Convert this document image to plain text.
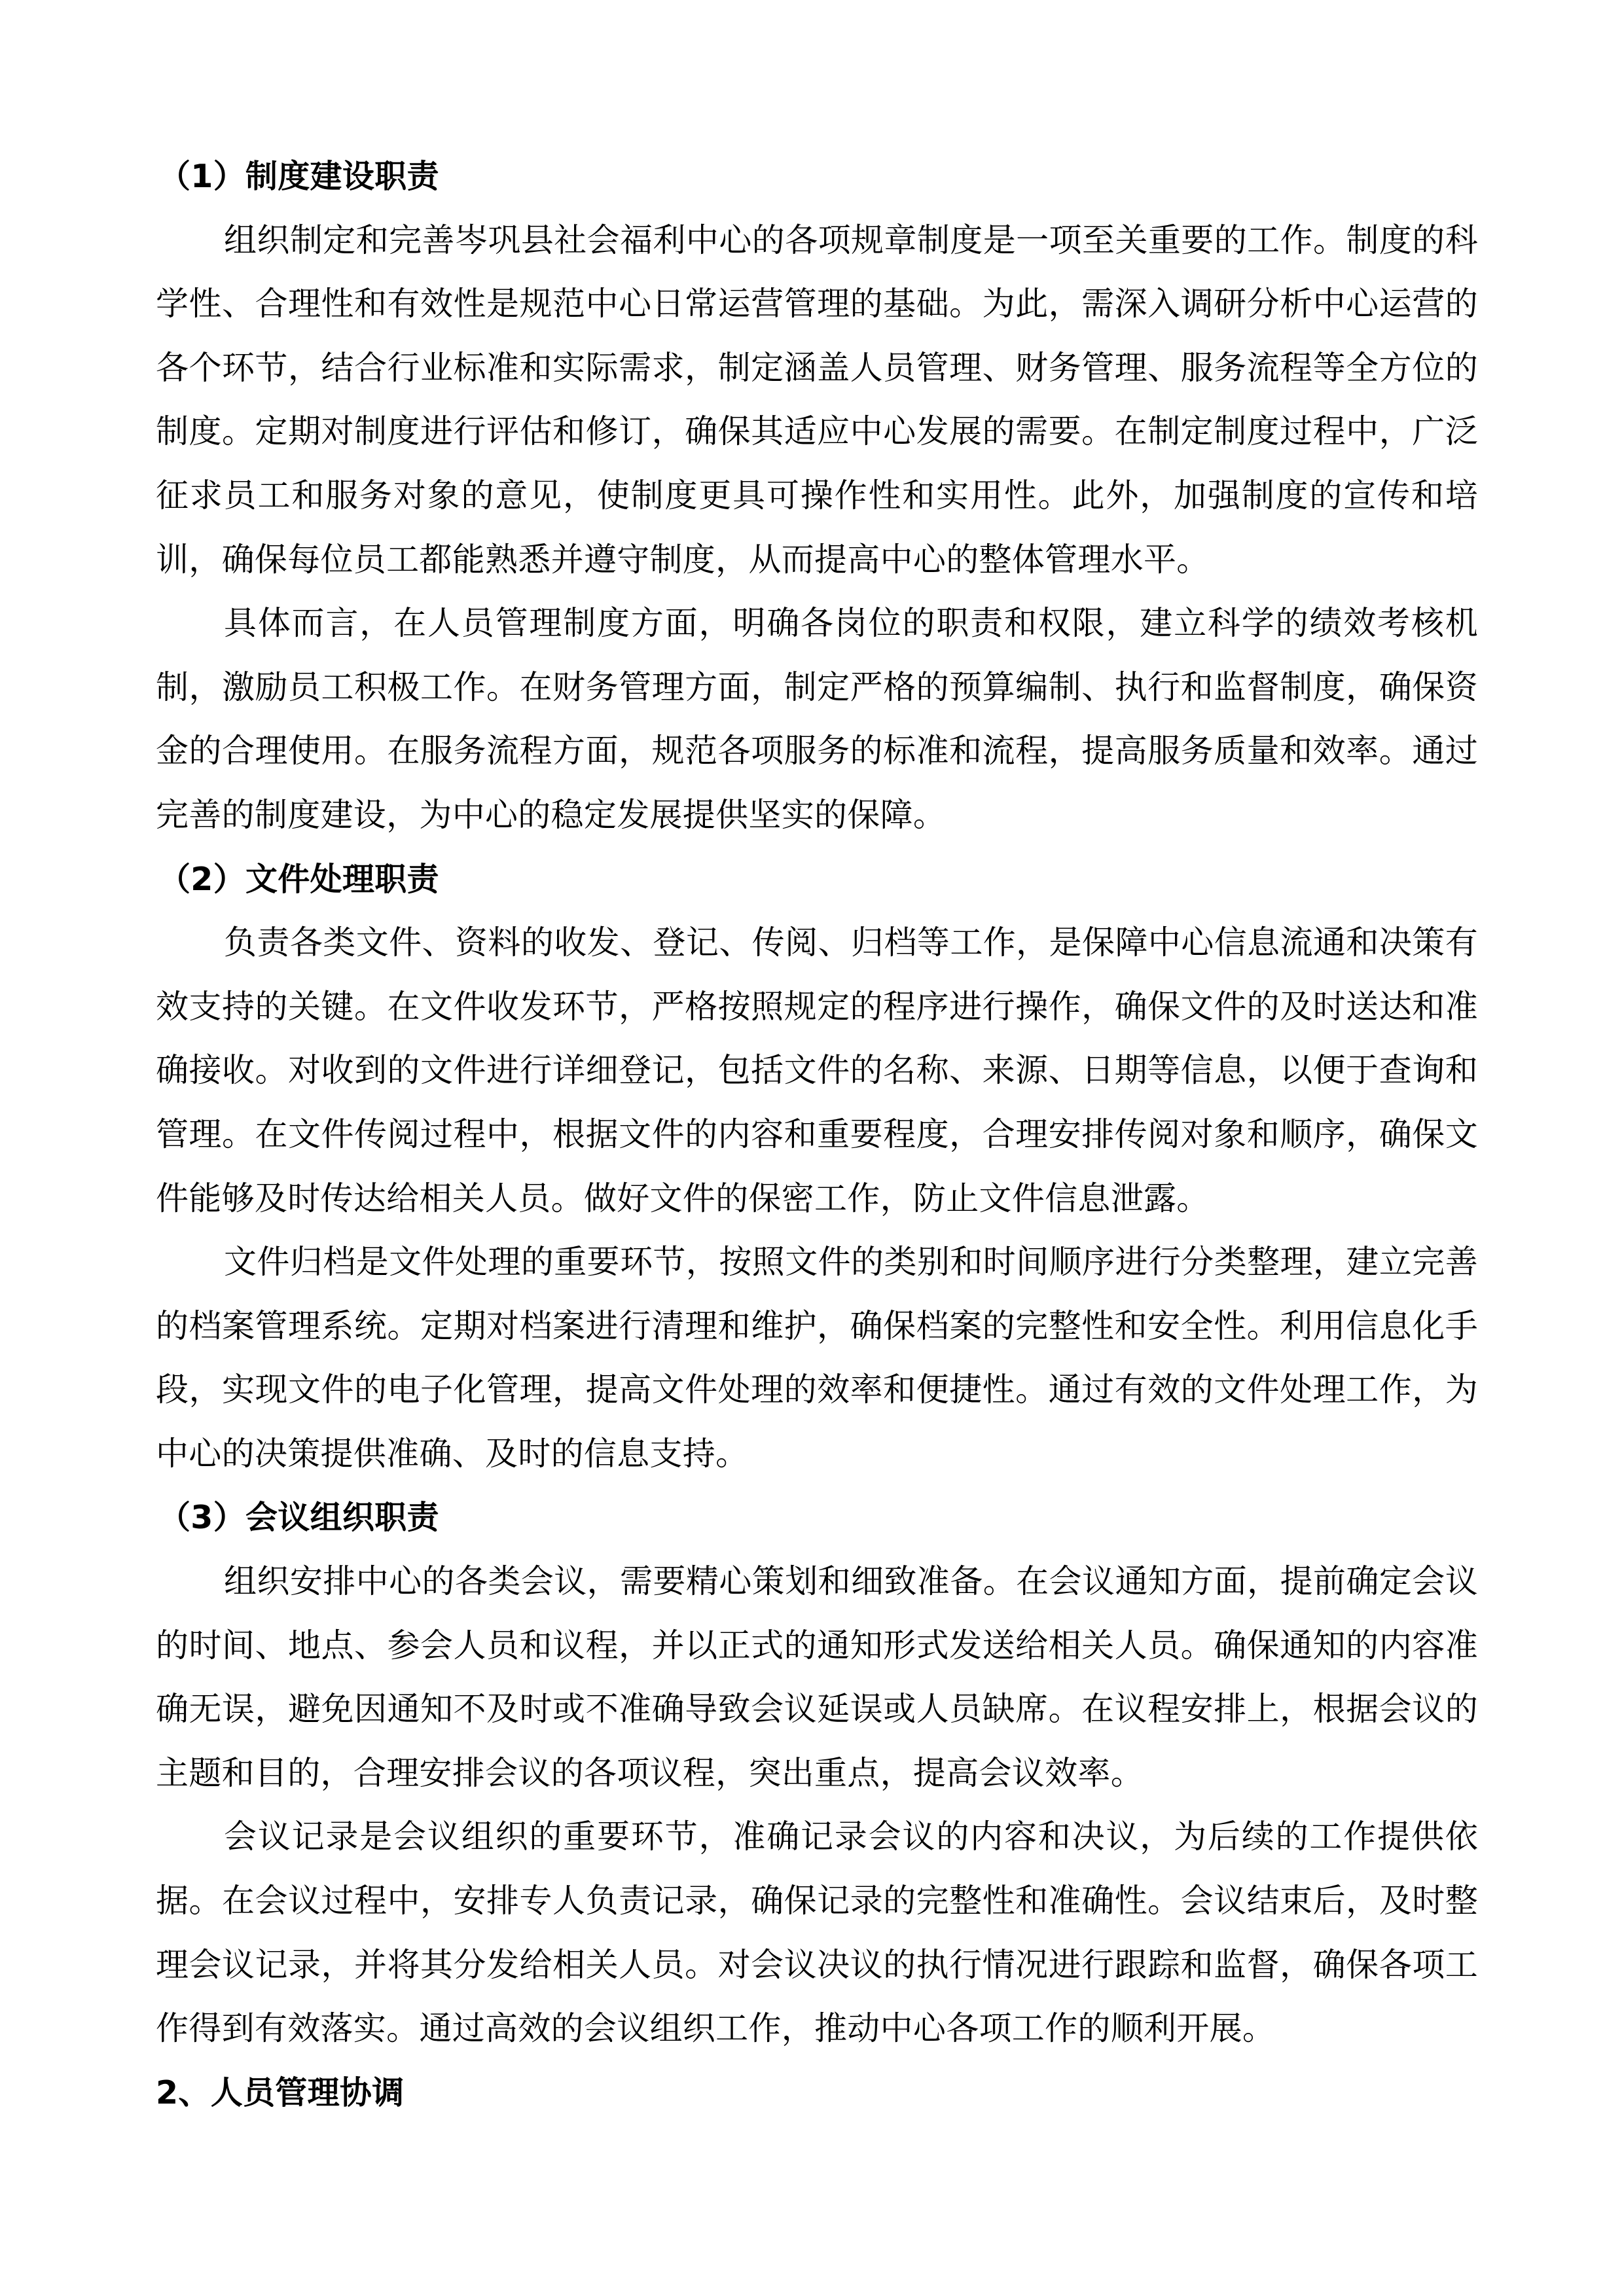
（1）制度建设职责
组织制定和完善岑巩县社会福利中心的各项规章制度是一项至关重要的工作。制度的科
学性、合理性和有效性是规范中心日常运营管理的基础。为此，需深入调研分析中心运营的
各个环节，结合行业标准和实际需求，制定涵盖人员管理、财务管理、服务流程等全方位的
制度。定期对制度进行评估和修订，确保其适应中心发展的需要。在制定制度过程中，广泛
征求员工和服务对象的意见，使制度更具可操作性和实用性。此外，加强制度的宣传和培
训，确保每位员工都能熟悉并遵守制度，从而提高中心的整体管理水平。
具体而言，在人员管理制度方面，明确各岗位的职责和权限，建立科学的绩效考核机
制，激励员工积极工作。在财务管理方面，制定严格的预算编制、执行和监督制度，确保资
金的合理使用。在服务流程方面，规范各项服务的标准和流程，提高服务质量和效率。通过
完善的制度建设，为中心的稳定发展提供坚实的保障。
（2）文件处理职责
负责各类文件、资料的收发、登记、传阅、归档等工作，是保障中心信息流通和决策有
效支持的关键。在文件收发环节，严格按照规定的程序进行操作，确保文件的及时送达和准
确接收。对收到的文件进行详细登记，包括文件的名称、来源、日期等信息，以便于查询和
管理。在文件传阅过程中，根据文件的内容和重要程度，合理安排传阅对象和顺序，确保文
件能够及时传达给相关人员。做好文件的保密工作，防止文件信息泄露。
文件归档是文件处理的重要环节，按照文件的类别和时间顺序进行分类整理，建立完善
的档案管理系统。定期对档案进行清理和维护，确保档案的完整性和安全性。利用信息化手
段，实现文件的电子化管理，提高文件处理的效率和便捷性。通过有效的文件处理工作，为
中心的决策提供准确、及时的信息支持。
（3）会议组织职责
组织安排中心的各类会议，需要精心策划和细致准备。在会议通知方面，提前确定会议
的时间、地点、参会人员和议程，并以正式的通知形式发送给相关人员。确保通知的内容准
确无误，避免因通知不及时或不准确导致会议延误或人员缺席。在议程安排上，根据会议的
主题和目的，合理安排会议的各项议程，突出重点，提高会议效率。
会议记录是会议组织的重要环节，准确记录会议的内容和决议，为后续的工作提供依
据。在会议过程中，安排专人负责记录，确保记录的完整性和准确性。会议结束后，及时整
理会议记录，并将其分发给相关人员。对会议决议的执行情况进行跟踪和监督，确保各项工
作得到有效落实。通过高效的会议组织工作，推动中心各项工作的顺利开展。
2、人员管理协调
